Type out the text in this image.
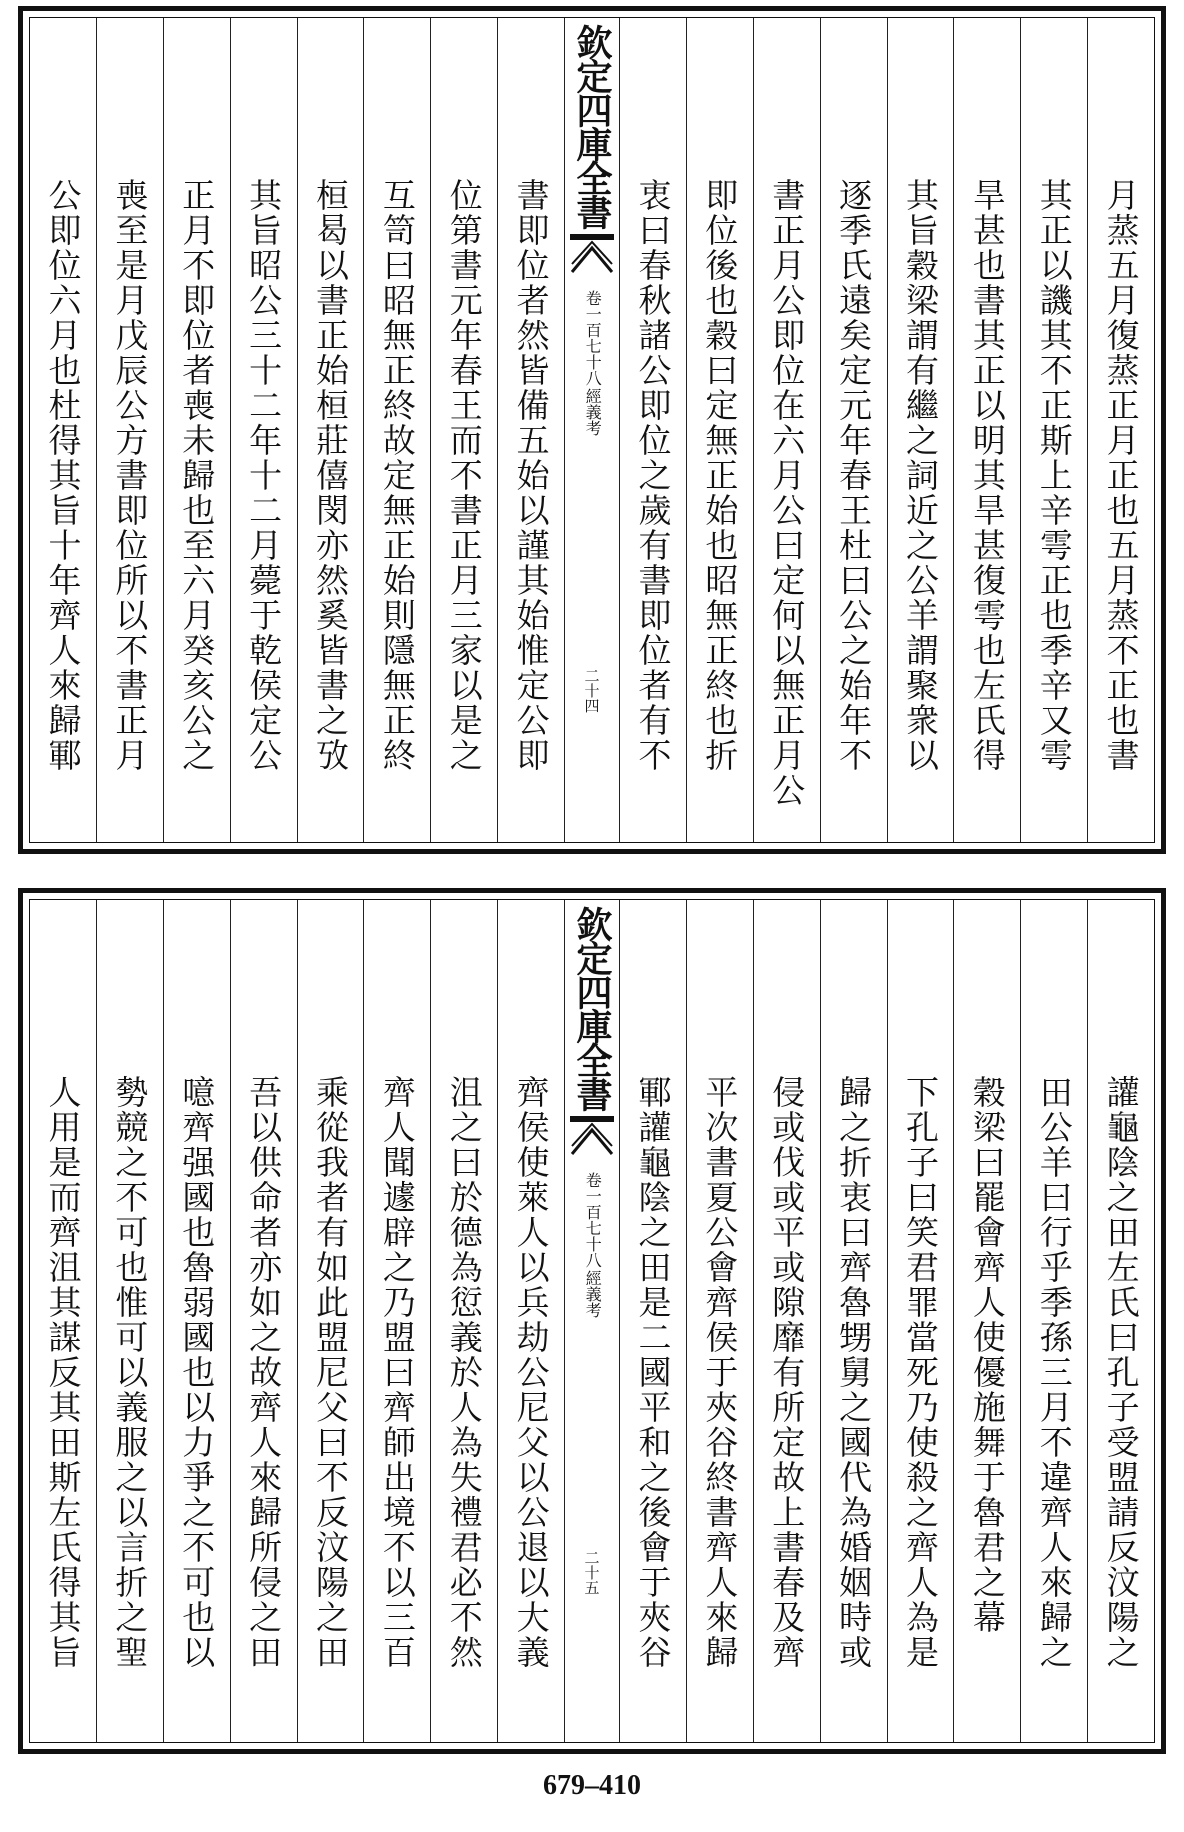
月蒸五月復蒸正月正也五月蒸不正也書
其正以譏其不正斯上辛雩正也季辛又雩
旱甚也書其正以明其旱甚復雩也左氏得
其旨穀梁謂有繼之詞近之公羊謂聚衆以
逐季氏遠矣定元年春王杜曰公之始年不
書正月公即位在六月公曰定何以無正月公
即位後也穀曰定無正始也昭無正終也折
衷曰春秋諸公即位之歲有書即位者有不
欽定四庫全書
經義考
卷一百七十八
二十四
書即位者然皆備五始以謹其始惟定公即
位第書元年春王而不書正月三家以是之
互笥曰昭無正終故定無正始則隱無正終
桓曷以書正始桓莊僖閔亦然奚皆書之攷
其旨昭公三十二年十二月薨于乾侯定公
正月不即位者喪未歸也至六月癸亥公之
喪至是月戊辰公方書即位所以不書正月
公即位六月也杜得其旨十年齊人來歸鄆
讙龜陰之田左氏曰孔子受盟請反汶陽之
田公羊曰行乎季孫三月不違齊人來歸之
穀梁曰罷會齊人使優施舞于魯君之幕
下孔子曰笑君罪當死乃使殺之齊人為是
歸之折衷曰齊魯甥舅之國代為婚姻時或
侵或伐或平或隙靡有所定故上書春及齊
平次書夏公會齊侯于夾谷終書齊人來歸
鄆讙龜陰之田是二國平和之後會于夾谷
欽定四庫全書
經義考
卷一百七十八
二十五
齊侯使萊人以兵劫公尼父以公退以大義
沮之曰於德為愆義於人為失禮君必不然
齊人聞遽辟之乃盟曰齊師出境不以三百
乘從我者有如此盟尼父曰不反汶陽之田
吾以供命者亦如之故齊人來歸所侵之田
噫齊强國也魯弱國也以力爭之不可也以
勢競之不可也惟可以義服之以言折之聖
人用是而齊沮其謀反其田斯左氏得其旨
679–410
